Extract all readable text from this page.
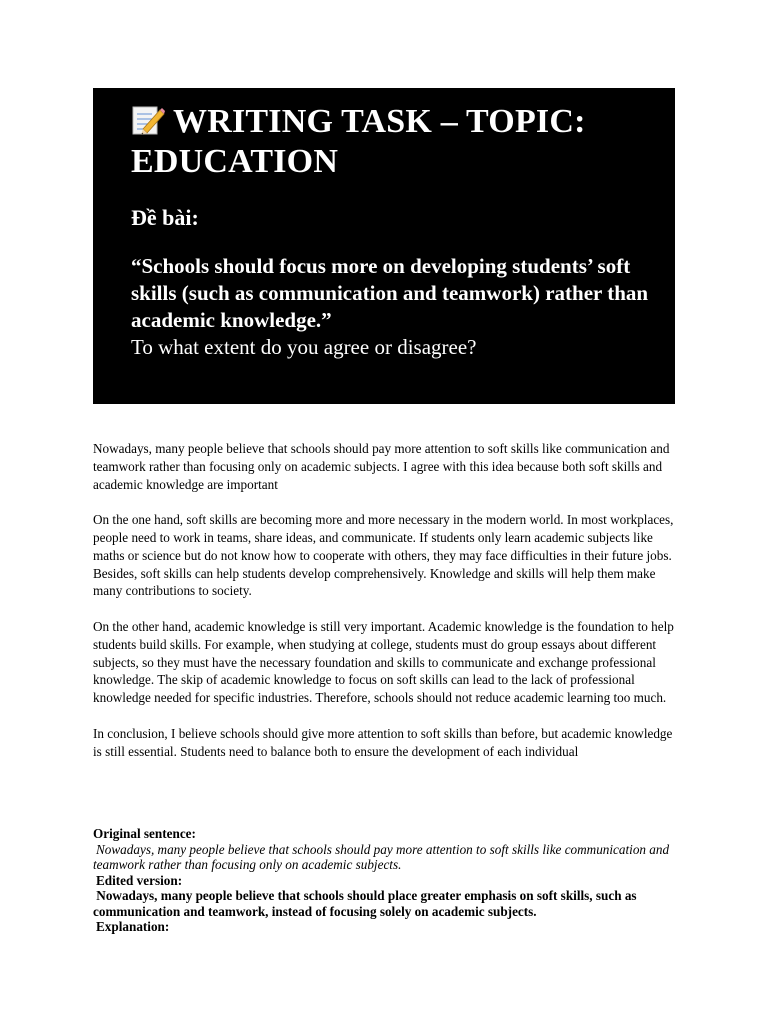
WRITING TASK – TOPIC: EDUCATION

Đề bài:

“Schools should focus more on developing students’ soft skills (such as communication and teamwork) rather than academic knowledge.”

To what extent do you agree or disagree?

Nowadays, many people believe that schools should pay more attention to soft skills like communication and teamwork rather than focusing only on academic subjects. I agree with this idea because both soft skills and academic knowledge are important

On the one hand, soft skills are becoming more and more necessary in the modern world. In most workplaces, people need to work in teams, share ideas, and communicate. If students only learn academic subjects like maths or science but do not know how to cooperate with others, they may face difficulties in their future jobs. Besides, soft skills can help students develop comprehensively. Knowledge and skills will help them make many contributions to society.

On the other hand, academic knowledge is still very important. Academic knowledge is the foundation to help students build skills. For example, when studying at college, students must do group essays about different subjects, so they must have the necessary foundation and skills to communicate and exchange professional knowledge. The skip of academic knowledge to focus on soft skills can lead to the lack of professional knowledge needed for specific industries. Therefore, schools should not reduce academic learning too much.

In conclusion, I believe schools should give more attention to soft skills than before, but academic knowledge is still essential. Students need to balance both to ensure the development of each individual

Original sentence:
Nowadays, many people believe that schools should pay more attention to soft skills like communication and teamwork rather than focusing only on academic subjects.
Edited version:
Nowadays, many people believe that schools should place greater emphasis on soft skills, such as communication and teamwork, instead of focusing solely on academic subjects.
Explanation:
